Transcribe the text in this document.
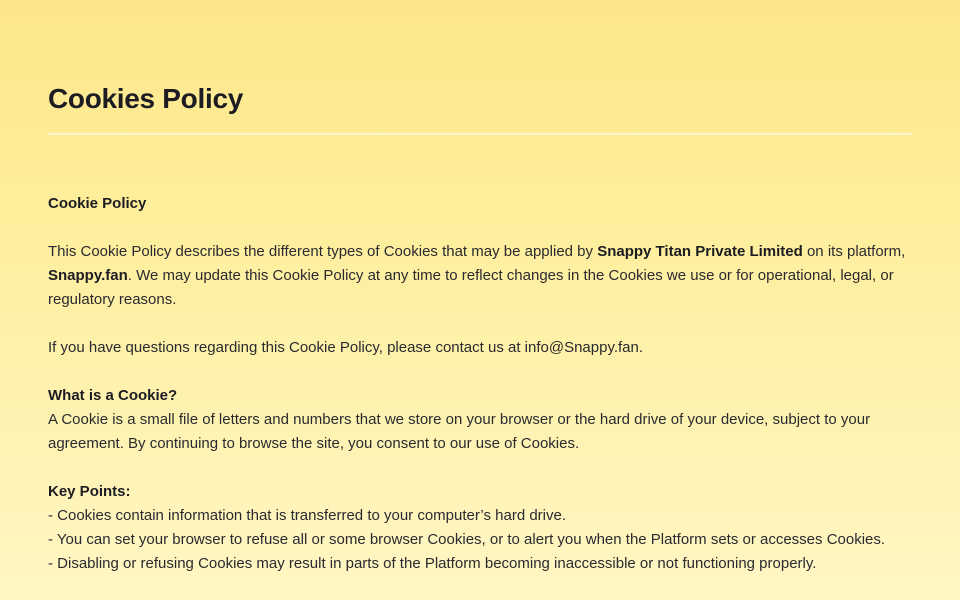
Cookies Policy

Cookie Policy

This Cookie Policy describes the different types of Cookies that may be applied by Snappy Titan Private Limited on its platform, Snappy.fan. We may update this Cookie Policy at any time to reflect changes in the Cookies we use or for operational, legal, or regulatory reasons.

If you have questions regarding this Cookie Policy, please contact us at info@Snappy.fan.

What is a Cookie?
A Cookie is a small file of letters and numbers that we store on your browser or the hard drive of your device, subject to your agreement. By continuing to browse the site, you consent to our use of Cookies.

Key Points:
- Cookies contain information that is transferred to your computer’s hard drive.
- You can set your browser to refuse all or some browser Cookies, or to alert you when the Platform sets or accesses Cookies.
- Disabling or refusing Cookies may result in parts of the Platform becoming inaccessible or not functioning properly.
